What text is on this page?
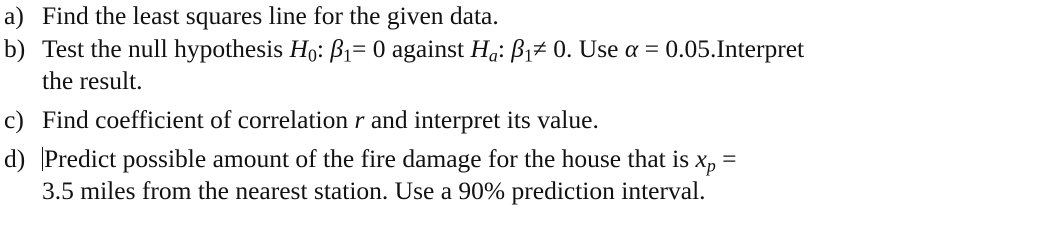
a) Find the least squares line for the given data.
b) Test the null hypothesis $H_0$: $\beta_1= 0$ against $H_a$: $\beta_1\ne 0$. Use α = 0.05.Interpret
the result.
c) Find coefficient of correlation r and interpret its value.
d) Predict possible amount of the fire damage for the house that is $x_p$ =
3.5 miles from the nearest station. Use a 90% prediction interval.
